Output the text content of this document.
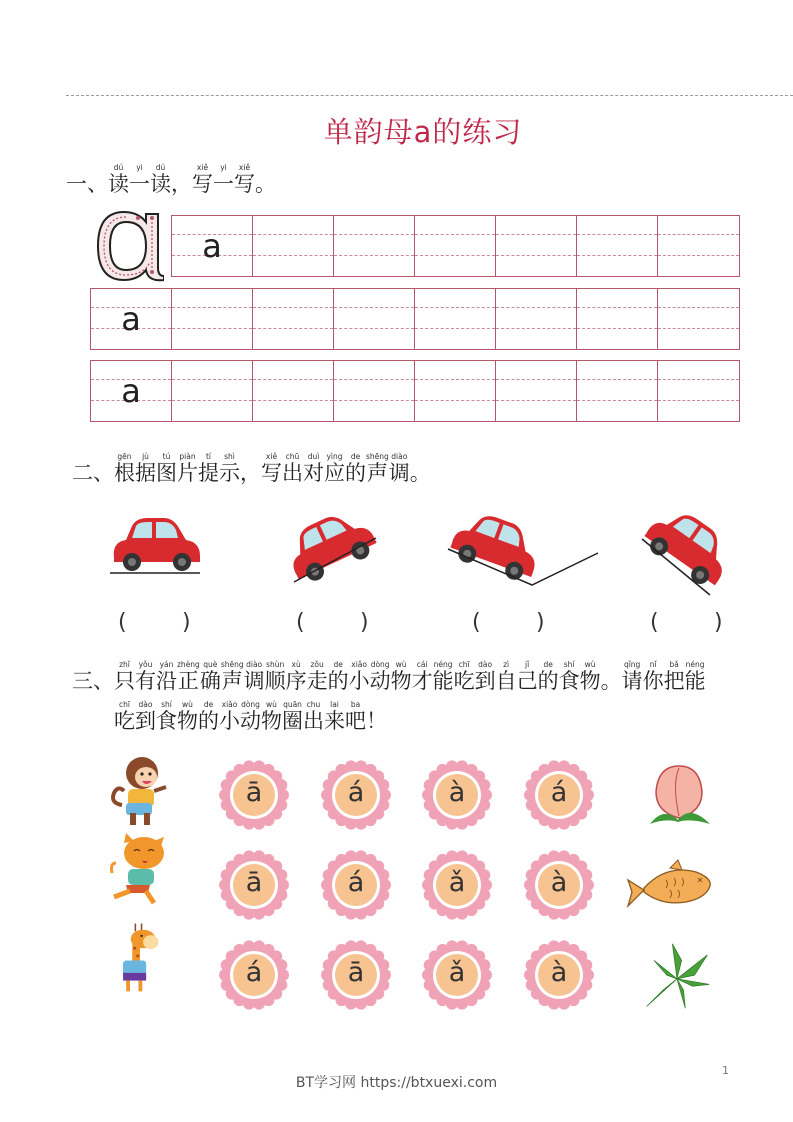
单韵母a的练习
一、
dú
读
yi
一
dú
读 ，
xiě
写
yi
一
xiě
写 。
a
a
a
二、
gēn
根
jù
据
tú
图
piàn
片
tí
提
shì
示 ，
xiě
写
chū
出
duì
对
yìng
应
de
的
shēng
声
diào
调 。
(	)	(	)	(	)	(	)
三、
zhǐ
只
yǒu
有
yán
沿
zhèng
正
què
确
shēng
声
diào
调
shùn
顺
xù
序
zǒu
走
de
的
xiǎo
小
dòng
动
wù
物
cái
才
néng
能
chī
吃
dào
到
zì
自
jǐ
己
de
的
shí
食
wù
物 。
qǐng
请
nǐ
你
bǎ
把
néng
能
chī
吃
dào
到
shí
食
wù
物
de
的
xiǎo
小
dòng
动
wù
物
quān
圈
chu
出
lai
来
ba
吧 ！
ā	á	à	á
ā	á	ǎ	à
á	ā	ǎ	à
BT学习网 https://btxuexi.com
1
